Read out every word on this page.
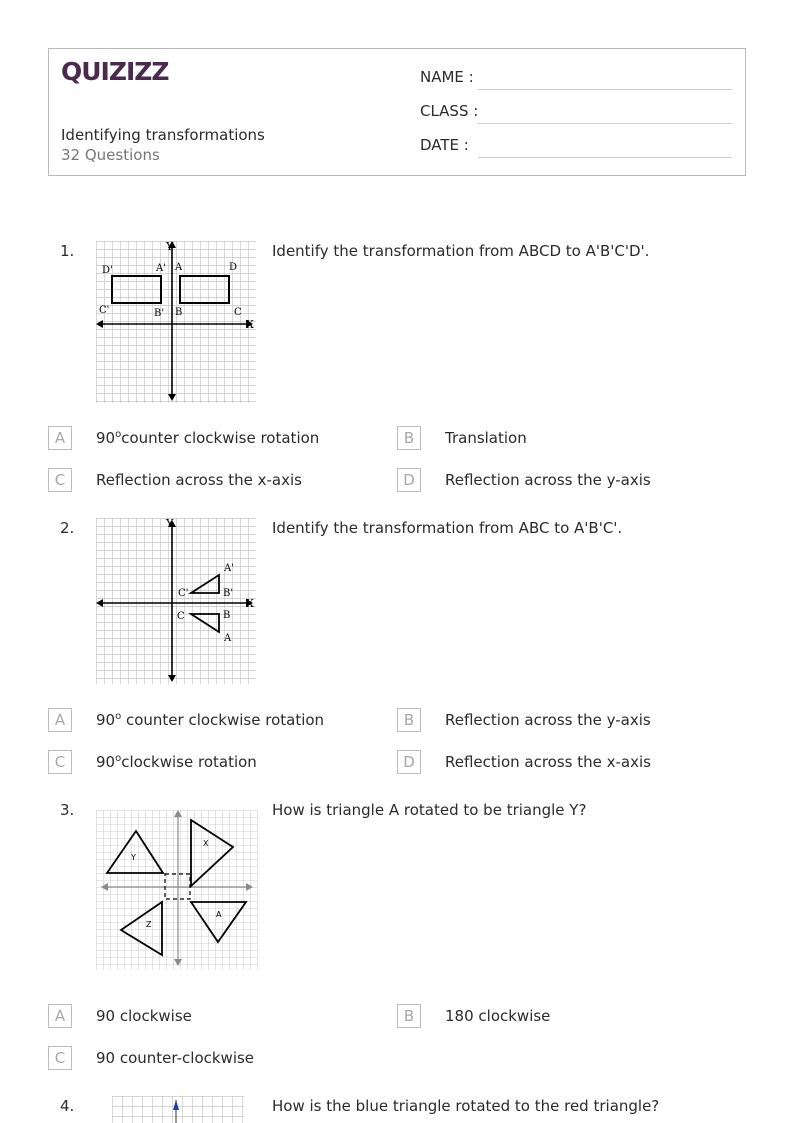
QUIZIZZ
Identifying transformations
32 Questions
NAME :
CLASS :
DATE :
1.	Identify the transformation from ABCD to A'B'C'D'.
Y
X
D'	A' A	D
C'	B' B	C
A	90$^o$counter clockwise rotation	B	Translation
C	Reflection across the x-axis	D	Reflection across the y-axis
2.	Identify the transformation from ABC to A'B'C'.
Y
X
A'
C'	B'
C	B
A
A	90$^o$ counter clockwise rotation	B	Reflection across the y-axis
C	90$^o$clockwise rotation	D	Reflection across the x-axis
3.	How is triangle A rotated to be triangle Y?
Y
X
Z
A
A	90 clockwise	B	180 clockwise
C	90 counter-clockwise
4.	How is the blue triangle rotated to the red triangle?
